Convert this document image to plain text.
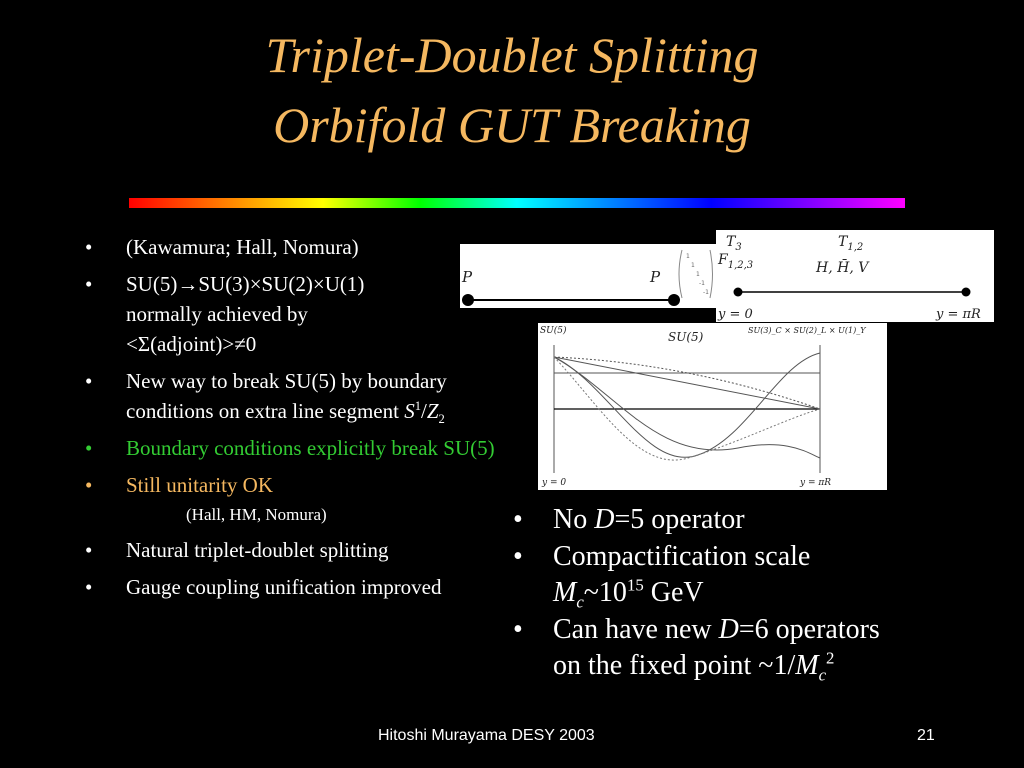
Triplet-Doublet Splitting
Orbifold GUT Breaking
• (Kawamura; Hall, Nomura)
• SU(5)→SU(3)×SU(2)×U(1)
normally achieved by
<Σ(adjoint)>≠0
• New way to break SU(5) by boundary conditions on extra line segment $S^1/Z_2$
• Boundary conditions explicitly break SU(5)
• Still unitarity OK
(Hall, HM, Nomura)
• Natural triplet-doublet splitting
• Gauge coupling unification improved
P	P
1
1
1
-1
-1
$T_3$
$F_{1,2,3}$
$T_{1,2}$
H, H̄, V
y = 0	y = πR
SU(5)	SU(5)	SU(3)_C × SU(2)_L × U(1)_Y
y = 0	y = πR
• No D=5 operator
• Compactification scale
$M_c\sim 10^{15}$ GeV
• Can have new D=6 operators on the fixed point $\sim 1/M_c^2$
Hitoshi Murayama DESY 2003	21
